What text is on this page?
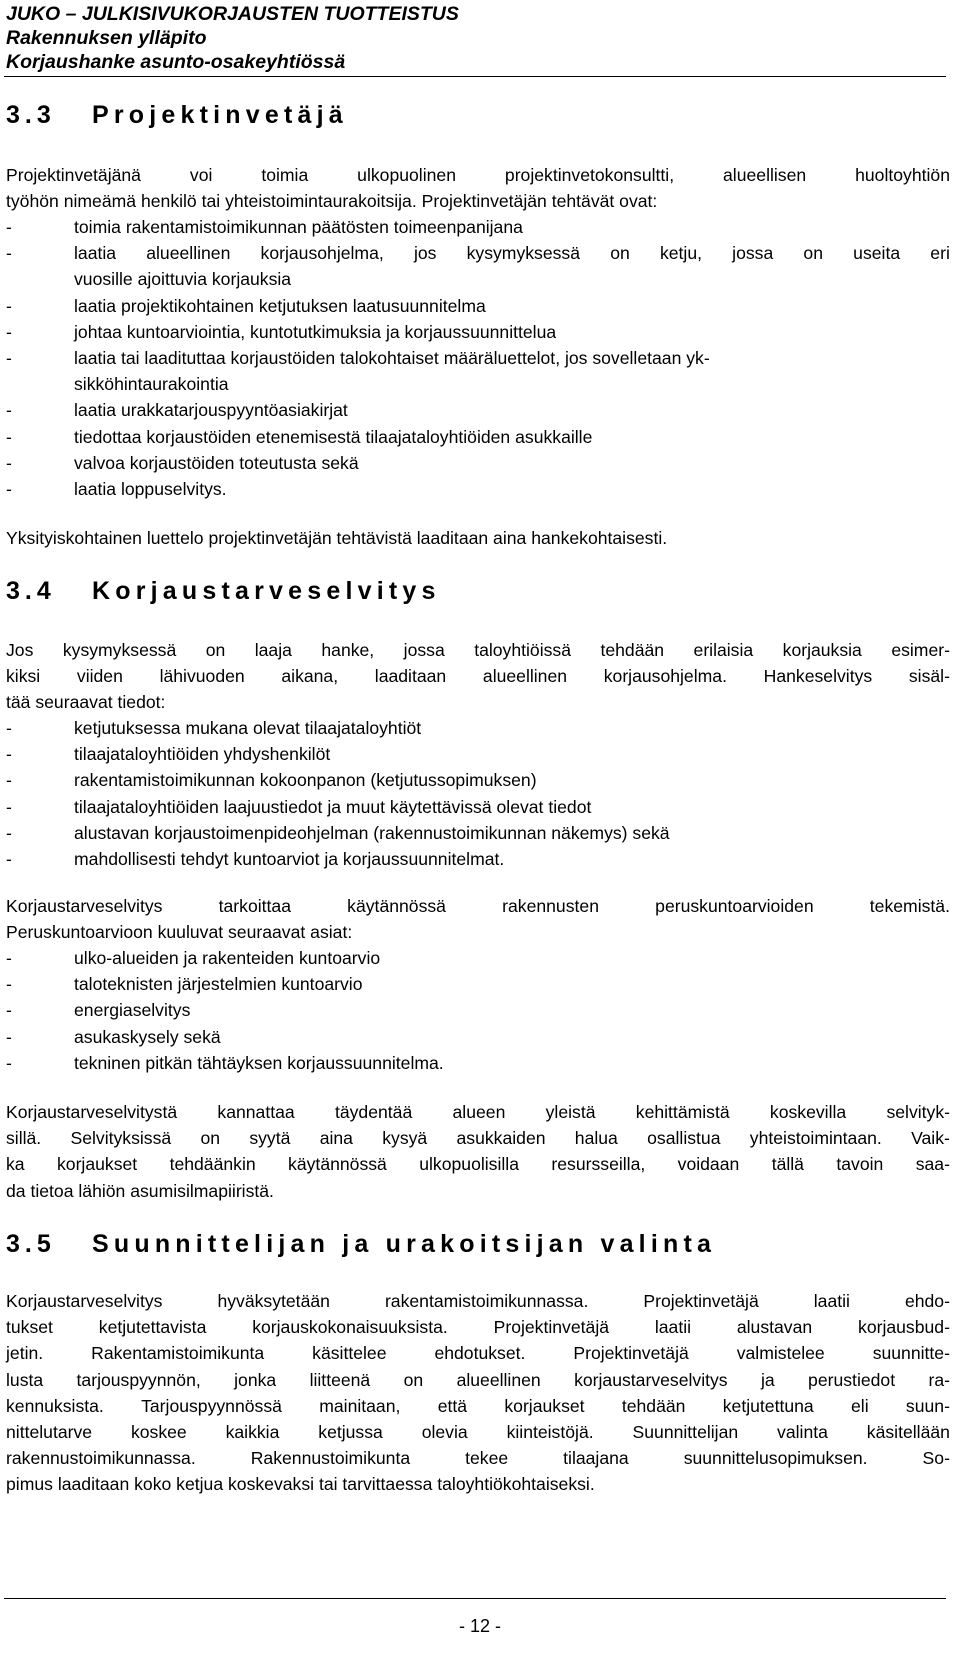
JUKO – JULKISIVUKORJAUSTEN TUOTTEISTUS
Rakennuksen ylläpito
Korjaushanke asunto-osakeyhtiössä
3.3 Projektinvetäjä

Projektinvetäjänä	voi	toimia	ulkopuolinen	projektinvetokonsultti,	alueellisen	huoltoyhtiön

työhön nimeämä henkilö tai yhteistoimintaurakoitsija. Projektinvetäjän tehtävät ovat:

- toimia rakentamistoimikunnan päätösten toimeenpanijana
- laatia alueellinen korjausohjelma, jos kysymyksessä on ketju, jossa on useita eri
vuosille ajoittuvia korjauksia
- laatia projektikohtainen ketjutuksen laatusuunnitelma
- johtaa kuntoarviointia, kuntotutkimuksia ja korjaussuunnittelua
- laatia tai laadituttaa korjaustöiden talokohtaiset määräluettelot, jos sovelletaan yk-
sikköhintaurakointia
- laatia urakkatarjouspyyntöasiakirjat
- tiedottaa korjaustöiden etenemisestä tilaajataloyhtiöiden asukkaille
- valvoa korjaustöiden toteutusta sekä
- laatia loppuselvitys.

Yksityiskohtainen luettelo projektinvetäjän tehtävistä laaditaan aina hankekohtaisesti.

3.4 Korjaustarveselvitys

Jos kysymyksessä on laaja hanke, jossa taloyhtiöissä tehdään erilaisia korjauksia esimer-

kiksi viiden lähivuoden aikana, laaditaan alueellinen korjausohjelma. Hankeselvitys sisäl-

tää seuraavat tiedot:

- ketjutuksessa mukana olevat tilaajataloyhtiöt
- tilaajataloyhtiöiden yhdyshenkilöt
- rakentamistoimikunnan kokoonpanon (ketjutussopimuksen)
- tilaajataloyhtiöiden laajuustiedot ja muut käytettävissä olevat tiedot
- alustavan korjaustoimenpideohjelman (rakennustoimikunnan näkemys) sekä
- mahdollisesti tehdyt kuntoarviot ja korjaussuunnitelmat.

Korjaustarveselvitys	tarkoittaa	käytännössä	rakennusten	peruskuntoarvioiden	tekemistä.

Peruskuntoarvioon kuuluvat seuraavat asiat:

- ulko-alueiden ja rakenteiden kuntoarvio
- taloteknisten järjestelmien kuntoarvio
- energiaselvitys
- asukaskysely sekä
- tekninen pitkän tähtäyksen korjaussuunnitelma.

Korjaustarveselvitystä kannattaa täydentää alueen yleistä kehittämistä koskevilla selvityk-

sillä. Selvityksissä on syytä aina kysyä asukkaiden halua osallistua yhteistoimintaan. Vaik-

ka korjaukset tehdäänkin käytännössä ulkopuolisilla resursseilla, voidaan tällä tavoin saa-

da tietoa lähiön asumisilmapiiristä.

3.5 Suunnittelijan ja urakoitsijan valinta

Korjaustarveselvitys	hyväksytetään	rakentamistoimikunnassa.	Projektinvetäjä	laatii	ehdo-

tukset	ketjutettavista	korjauskokonaisuuksista.	Projektinvetäjä	laatii	alustavan	korjausbud-

jetin.	Rakentamistoimikunta	käsittelee	ehdotukset.	Projektinvetäjä	valmistelee	suunnitte-

lusta tarjouspyynnön, jonka liitteenä on alueellinen korjaustarveselvitys ja perustiedot ra-

kennuksista. Tarjouspyynnössä mainitaan, että korjaukset tehdään ketjutettuna eli suun-

nittelutarve koskee kaikkia ketjussa olevia kiinteistöjä. Suunnittelijan valinta käsitellään

rakennustoimikunnassa.	Rakennustoimikunta	tekee	tilaajana	suunnittelusopimuksen.	So-

pimus laaditaan koko ketjua koskevaksi tai tarvittaessa taloyhtiökohtaiseksi.

- 12 -
